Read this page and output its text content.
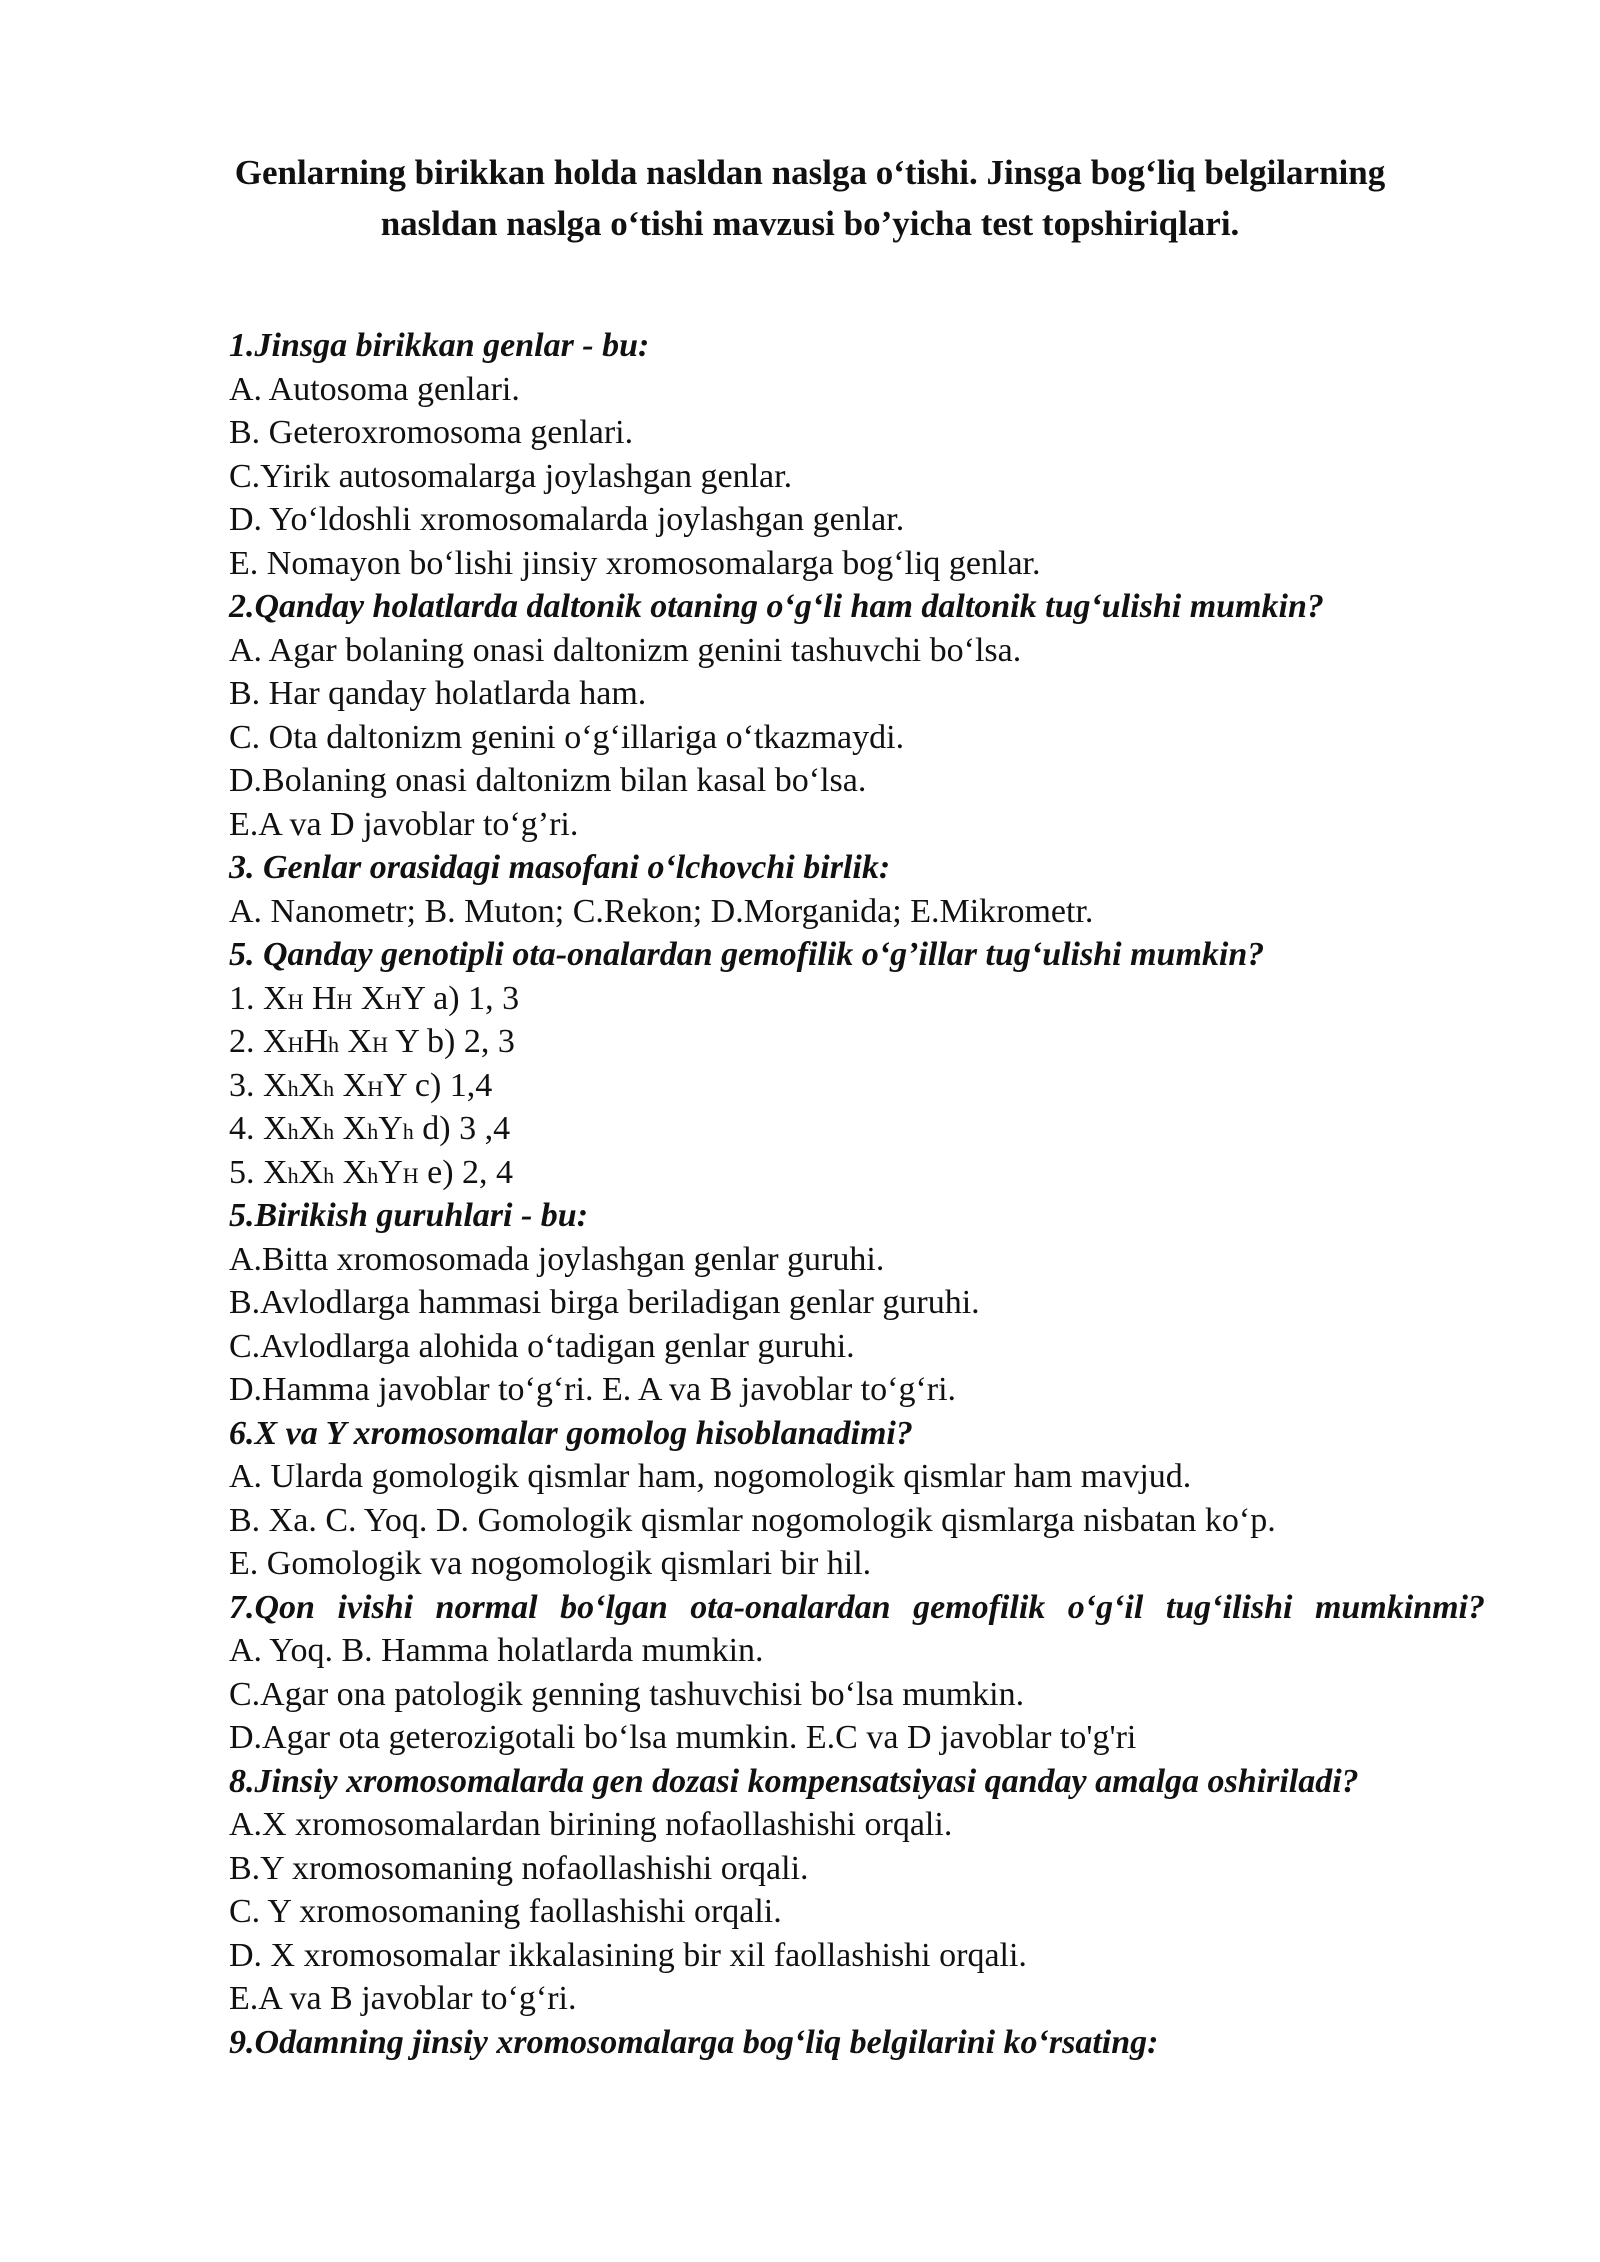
Genlarning birikkan holda nasldan naslga o‘tishi. Jinsga bog‘liq belgilarning
nasldan naslga o‘tishi mavzusi bo’yicha test topshiriqlari.
1.Jinsga birikkan genlar - bu:
A. Autosoma genlari.
B. Geteroxromosoma genlari.
C.Yirik autosomalarga joylashgan genlar.
D. Yo‘ldoshli xromosomalarda joylashgan genlar.
E. Nomayon bo‘lishi jinsiy xromosomalarga bog‘liq genlar.
2.Qanday holatlarda daltonik otaning o‘g‘li ham daltonik tug‘ulishi mumkin?
A. Agar bolaning onasi daltonizm genini tashuvchi bo‘lsa.
B. Har qanday holatlarda ham.
C. Ota daltonizm genini o‘g‘illariga o‘tkazmaydi.
D.Bolaning onasi daltonizm bilan kasal bo‘lsa.
E.A va D javoblar to‘g’ri.
3. Genlar orasidagi masofani o‘lchovchi birlik:
A. Nanometr; B. Muton; C.Rekon; D.Morganida; E.Mikrometr.
5. Qanday genotipli ota-onalardan gemofilik o‘g’illar tug‘ulishi mumkin?
1. XH HH XHY a) 1, 3
2. XHHh XH Y b) 2, 3
3. XhXh XHY c) 1,4
4. XhXh XhYh d) 3 ,4
5. XhXh XhYH e) 2, 4
5.Birikish guruhlari - bu:
A.Bitta xromosomada joylashgan genlar guruhi.
B.Avlodlarga hammasi birga beriladigan genlar guruhi.
C.Avlodlarga alohida o‘tadigan genlar guruhi.
D.Hamma javoblar to‘g‘ri. E. A va B javoblar to‘g‘ri.
6.X va Y xromosomalar gomolog hisoblanadimi?
A. Ularda gomologik qismlar ham, nogomologik qismlar ham mavjud.
B. Xa. C. Yoq. D. Gomologik qismlar nogomologik qismlarga nisbatan ko‘p.
E. Gomologik va nogomologik qismlari bir hil.
7.Qon ivishi normal bo‘lgan ota-onalardan gemofilik o‘g‘il tug‘ilishi mumkinmi?
A. Yoq. B. Hamma holatlarda mumkin.
C.Agar ona patologik genning tashuvchisi bo‘lsa mumkin.
D.Agar ota geterozigotali bo‘lsa mumkin. E.C va D javoblar to'g'ri
8.Jinsiy xromosomalarda gen dozasi kompensatsiyasi qanday amalga oshiriladi?
A.X xromosomalardan birining nofaollashishi orqali.
B.Y xromosomaning nofaollashishi orqali.
C. Y xromosomaning faollashishi orqali.
D. X xromosomalar ikkalasining bir xil faollashishi orqali.
E.A va B javoblar to‘g‘ri.
9.Odamning jinsiy xromosomalarga bog‘liq belgilarini ko‘rsating:
